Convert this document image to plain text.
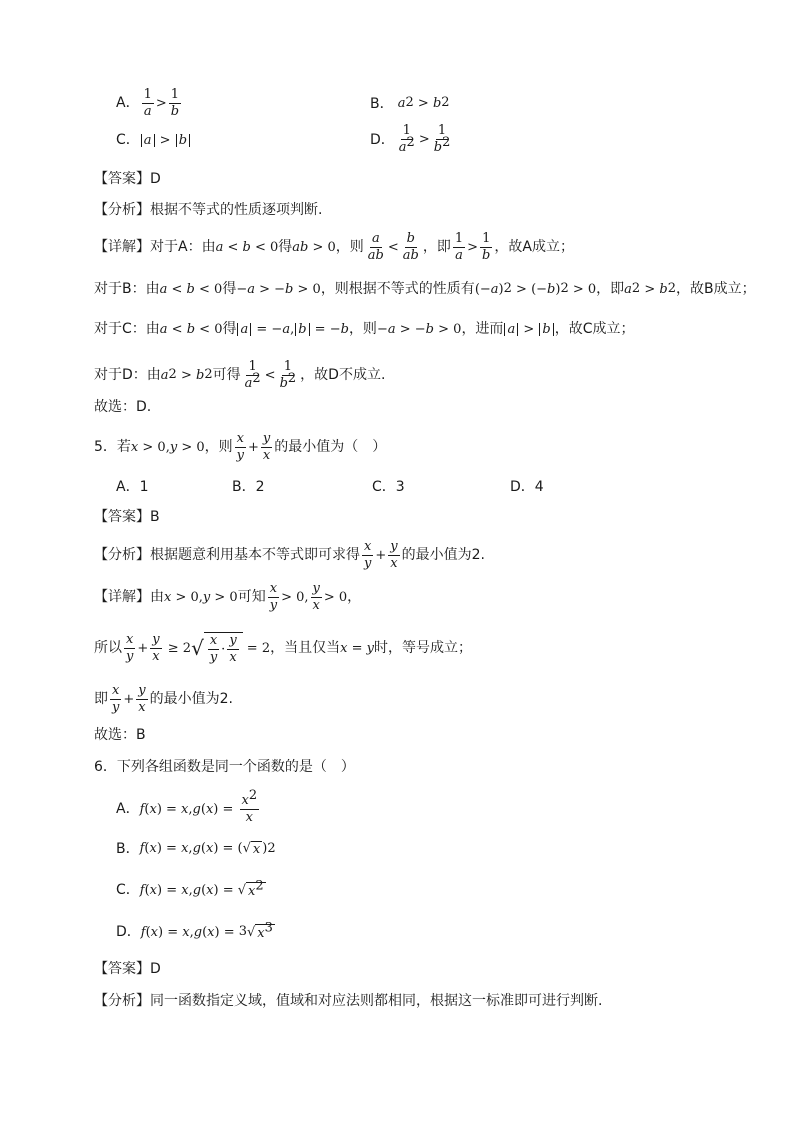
A． $\frac{1}{a} > \frac{1}{b}$	B． a 2 > b 2
C． a > b	D． $\frac{1}{a^2} > \frac{1}{b^2}$
【答案】 D
【分析】 根据不等式的性质逐项判断.
【详解】 对于A：由 a < b < 0 得 ab > 0 ，则 $\frac{a}{ab} < \frac{b}{ab}$ ，即 $\frac{1}{a} > \frac{1}{b}$ ，故A成立；
对于B：由 a < b < 0 得 − a > − b > 0 ，则根据不等式的性质有 (− a ) 2 > (− b ) 2 > 0 ，即 a 2 > b 2 ，故B成立；
对于C：由 a < b < 0 得 a = − a , b = − b ，则 − a > − b > 0 ，进而 a > b ，故C成立；
对于D：由 a 2 > b 2 可得 $\frac{1}{a^2} < \frac{1}{b^2}$ ，故D不成立.
故选：D.
5．若 x > 0, y > 0 ，则 $\frac{x}{y} + \frac{y}{x}$ 的最小值为（　）
A．1	B．2	C．3	D．4
【答案】 B
【分析】 根据题意利用基本不等式即可求得 $\frac{x}{y} + \frac{y}{x}$ 的最小值为2.
【详解】 由 x > 0, y > 0 可知 $\frac{x}{y} > 0$, $\frac{y}{x} > 0$ ，
所以 $\frac{x}{y} + \frac{y}{x} \ge 2$ √ $\frac{x}{y} \cdot \frac{y}{x} = 2$ ，当且仅当 x = y 时，等号成立；
即 $\frac{x}{y} + \frac{y}{x}$ 的最小值为2.
故选：B
6．下列各组函数是同一个函数的是（　）
A． f ( x ) = x , g ( x ) = $\frac{x^2}{x}$
B． f ( x ) = x , g ( x ) = (√ x ) 2
C． f ( x ) = x , g ( x ) = √ $x^2$
D． f ( x ) = x , g ( x ) = 3 √ $x^3$
【答案】 D
【分析】 同一函数指定义域，值域和对应法则都相同，根据这一标准即可进行判断.
